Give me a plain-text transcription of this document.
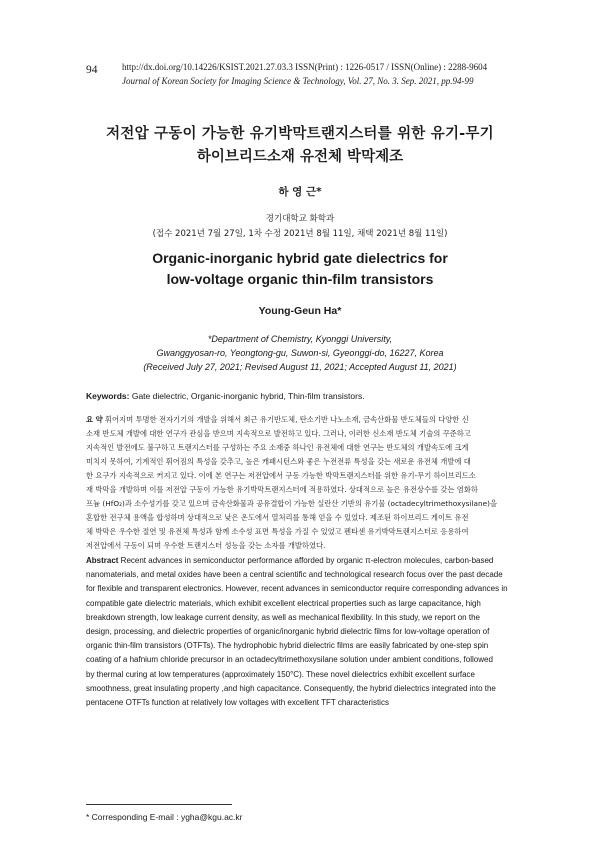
94	http://dx.doi.org/10.14226/KSIST.2021.27.03.3 ISSN(Print) : 1226-0517 / ISSN(Online) : 2288-9604
Journal of Korean Society for Imaging Science & Technology, Vol. 27, No. 3. Sep. 2021, pp.94-99
저전압 구동이 가능한 유기박막트랜지스터를 위한 유기-무기
하이브리드소재 유전체 박막제조
하 영 근*
경기대학교 화학과
(접수 2021년 7월 27일, 1차 수정 2021년 8월 11일, 채택 2021년 8월 11일)
Organic-inorganic hybrid gate dielectrics for
low-voltage organic thin-film transistors
Young-Geun Ha*
*Department of Chemistry, Kyonggi University,
Gwanggyosan-ro, Yeongtong-gu, Suwon-si, Gyeonggi-do, 16227, Korea
(Received July 27, 2021; Revised August 11, 2021; Accepted August 11, 2021)
Keywords: Gate dielectric, Organic-inorganic hybrid, Thin-film transistors.
요 약 휘어지며 투명한 전자기기의 개발을 위해서 최근 유기반도체, 탄소기반 나노소재, 금속산화물 반도체들의 다양한 신
소재 반도체 개발에 대한 연구가 관심을 받으며 지속적으로 발전하고 있다. 그러나, 이러한 신소재 반도체 기술의 꾸준하고
지속적인 발전에도 불구하고 트랜지스터를 구성하는 주요 소재중 하나인 유전체에 대한 연구는 반도체의 개발속도에 크게
미치지 못하여, 기계적인 휘어짐의 특성을 갖추고, 높은 캐패시턴스와 좋은 누전전류 특성을 갖는 새로운 유전체 개발에 대
한 요구가 지속적으로 커지고 있다. 이에 본 연구는 저전압에서 구동 가능한 박막트랜지스터를 위한 유기-무기 하이브리드소
재 박막을 개발하며 이를 저전압 구동이 가능한 유기박막트랜지스터에 적용하였다. 상대적으로 높은 유전상수를 갖는 염화하
프늄 (HfO₂)과 소수성기를 갖고 있으며 금속산화물과 공유결합이 가능한 실란산 기반의 유기물 (octadecyltrimethoxysilane)을
혼합한 전구체 용액을 합성하며 상대적으로 낮은 온도에서 열처리를 통해 얻을 수 있었다. 제조된 하이브리드 게이트 유전
체 박막은 우수한 절연 및 유전체 특성과 함께 소수성 표면 특성을 가질 수 있었고 펜타센 유기박막트랜지스터로 응용하여
저전압에서 구동이 되며 우수한 트랜지스터 성능을 갖는 소자를 개발하였다.
Abstract Recent advances in semiconductor performance afforded by organic π-electron molecules, carbon-based
nanomaterials, and metal oxides have been a central scientific and technological research focus over the past decade
for flexible and transparent electronics. However, recent advances in semiconductor require corresponding advances in
compatible gate dielectric materials, which exhibit excellent electrical properties such as large capacitance, high
breakdown strength, low leakage current density, as well as mechanical flexibility. In this study, we report on the
design, processing, and dielectric properties of organic/inorganic hybrid dielectric films for low-voltage operation of
organic thin-film transistors (OTFTs). The hydrophobic hybrid dielectric films are easily fabricated by one-step spin
coating of a hafnium chloride precursor in an octadecyltrimethoxysilane solution under ambient conditions, followed
by thermal curing at low temperatures (approximately 150°C). These novel dielectrics exhibit excellent surface
smoothness, great insulating property ,and high capacitance. Consequently, the hybrid dielectrics integrated into the
pentacene OTFTs function at relatively low voltages with excellent TFT characteristics
* Corresponding E-mail : ygha@kgu.ac.kr
